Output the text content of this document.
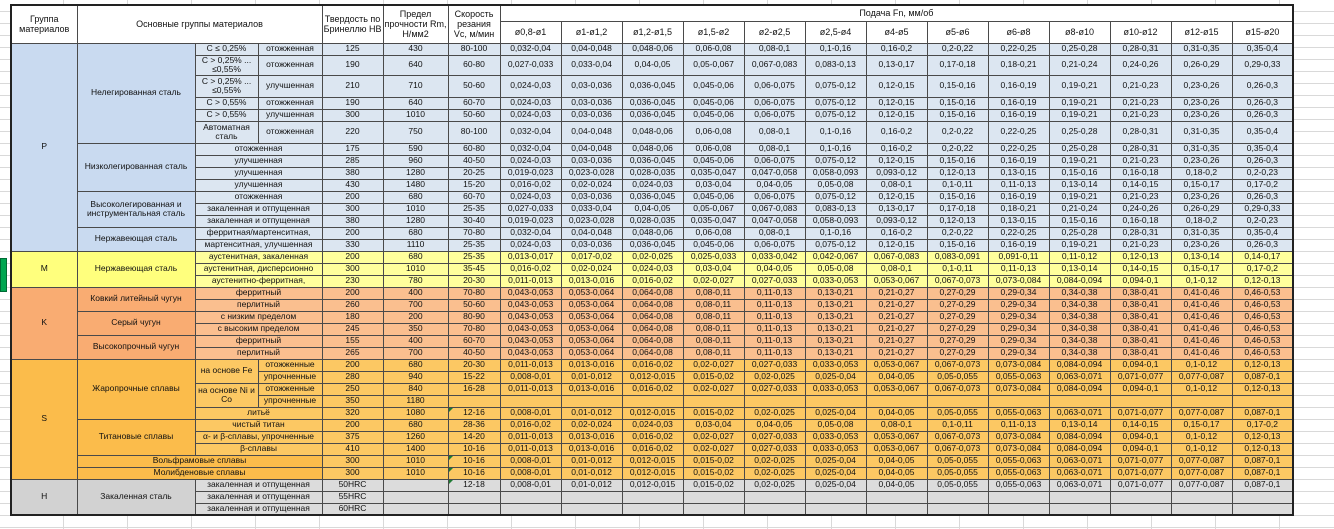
Группа материалов	Основные группы материалов			Твердость по Бринеллю HB	Предел прочности Rm, Н/мм2	Скорость резания Vc, м/мин	Подача Fn, мм/об												
							ø0,8-ø1	ø1-ø1,2	ø1,2-ø1,5	ø1,5-ø2	ø2-ø2,5	ø2,5-ø4	ø4-ø5	ø5-ø6	ø6-ø8	ø8-ø10	ø10-ø12	ø12-ø15	ø15-ø20
P	Нелегированная сталь	C ≤ 0,25%	отожженная	125	430	80-100	0,032-0,04	0,04-0,048	0,048-0,06	0,06-0,08	0,08-0,1	0,1-0,16	0,16-0,2	0,2-0,22	0,22-0,25	0,25-0,28	0,28-0,31	0,31-0,35	0,35-0,4
		C > 0,25% ... ≤0,55%	отожженная	190	640	60-80	0,027-0,033	0,033-0,04	0,04-0,05	0,05-0,067	0,067-0,083	0,083-0,13	0,13-0,17	0,17-0,18	0,18-0,21	0,21-0,24	0,24-0,26	0,26-0,29	0,29-0,33
		C > 0,25% ... ≤0,55%	улучшенная	210	710	50-60	0,024-0,03	0,03-0,036	0,036-0,045	0,045-0,06	0,06-0,075	0,075-0,12	0,12-0,15	0,15-0,16	0,16-0,19	0,19-0,21	0,21-0,23	0,23-0,26	0,26-0,3
		C > 0,55%	отожженная	190	640	60-70	0,024-0,03	0,03-0,036	0,036-0,045	0,045-0,06	0,06-0,075	0,075-0,12	0,12-0,15	0,15-0,16	0,16-0,19	0,19-0,21	0,21-0,23	0,23-0,26	0,26-0,3
		C > 0,55%	улучшенная	300	1010	50-60	0,024-0,03	0,03-0,036	0,036-0,045	0,045-0,06	0,06-0,075	0,075-0,12	0,12-0,15	0,15-0,16	0,16-0,19	0,19-0,21	0,21-0,23	0,23-0,26	0,26-0,3
		Автоматная сталь	отожженная	220	750	80-100	0,032-0,04	0,04-0,048	0,048-0,06	0,06-0,08	0,08-0,1	0,1-0,16	0,16-0,2	0,2-0,22	0,22-0,25	0,25-0,28	0,28-0,31	0,31-0,35	0,35-0,4
	Низколегированная сталь	отожженная		175	590	60-80	0,032-0,04	0,04-0,048	0,048-0,06	0,06-0,08	0,08-0,1	0,1-0,16	0,16-0,2	0,2-0,22	0,22-0,25	0,25-0,28	0,28-0,31	0,31-0,35	0,35-0,4
		улучшенная		285	960	40-50	0,024-0,03	0,03-0,036	0,036-0,045	0,045-0,06	0,06-0,075	0,075-0,12	0,12-0,15	0,15-0,16	0,16-0,19	0,19-0,21	0,21-0,23	0,23-0,26	0,26-0,3
		улучшенная		380	1280	20-25	0,019-0,023	0,023-0,028	0,028-0,035	0,035-0,047	0,047-0,058	0,058-0,093	0,093-0,12	0,12-0,13	0,13-0,15	0,15-0,16	0,16-0,18	0,18-0,2	0,2-0,23
		улучшенная		430	1480	15-20	0,016-0,02	0,02-0,024	0,024-0,03	0,03-0,04	0,04-0,05	0,05-0,08	0,08-0,1	0,1-0,11	0,11-0,13	0,13-0,14	0,14-0,15	0,15-0,17	0,17-0,2
	Высоколегированная и инструментальная сталь	отожженная		200	680	60-70	0,024-0,03	0,03-0,036	0,036-0,045	0,045-0,06	0,06-0,075	0,075-0,12	0,12-0,15	0,15-0,16	0,16-0,19	0,19-0,21	0,21-0,23	0,23-0,26	0,26-0,3
		закаленная и отпущенная		300	1010	25-35	0,027-0,033	0,033-0,04	0,04-0,05	0,05-0,067	0,067-0,083	0,083-0,13	0,13-0,17	0,17-0,18	0,18-0,21	0,21-0,24	0,24-0,26	0,26-0,29	0,29-0,33
		закаленная и отпущенная		380	1280	30-40	0,019-0,023	0,023-0,028	0,028-0,035	0,035-0,047	0,047-0,058	0,058-0,093	0,093-0,12	0,12-0,13	0,13-0,15	0,15-0,16	0,16-0,18	0,18-0,2	0,2-0,23
	Нержавеющая сталь	ферритная/мартенситная,		200	680	70-80	0,032-0,04	0,04-0,048	0,048-0,06	0,06-0,08	0,08-0,1	0,1-0,16	0,16-0,2	0,2-0,22	0,22-0,25	0,25-0,28	0,28-0,31	0,31-0,35	0,35-0,4
		мартенситная, улучшенная		330	1110	25-35	0,024-0,03	0,03-0,036	0,036-0,045	0,045-0,06	0,06-0,075	0,075-0,12	0,12-0,15	0,15-0,16	0,16-0,19	0,19-0,21	0,21-0,23	0,23-0,26	0,26-0,3
M	Нержавеющая сталь	аустенитная, закаленная		200	680	25-35	0,013-0,017	0,017-0,02	0,02-0,025	0,025-0,033	0,033-0,042	0,042-0,067	0,067-0,083	0,083-0,091	0,091-0,11	0,11-0,12	0,12-0,13	0,13-0,14	0,14-0,17
		аустенитная, дисперсионно		300	1010	35-45	0,016-0,02	0,02-0,024	0,024-0,03	0,03-0,04	0,04-0,05	0,05-0,08	0,08-0,1	0,1-0,11	0,11-0,13	0,13-0,14	0,14-0,15	0,15-0,17	0,17-0,2
		аустенитно-ферритная,		230	780	20-30	0,011-0,013	0,013-0,016	0,016-0,02	0,02-0,027	0,027-0,033	0,033-0,053	0,053-0,067	0,067-0,073	0,073-0,084	0,084-0,094	0,094-0,1	0,1-0,12	0,12-0,13
K	Ковкий литейный чугун	ферритный		200	400	70-80	0,043-0,053	0,053-0,064	0,064-0,08	0,08-0,11	0,11-0,13	0,13-0,21	0,21-0,27	0,27-0,29	0,29-0,34	0,34-0,38	0,38-0,41	0,41-0,46	0,46-0,53
		перлитный		260	700	50-60	0,043-0,053	0,053-0,064	0,064-0,08	0,08-0,11	0,11-0,13	0,13-0,21	0,21-0,27	0,27-0,29	0,29-0,34	0,34-0,38	0,38-0,41	0,41-0,46	0,46-0,53
	Серый чугун	с низким пределом		180	200	80-90	0,043-0,053	0,053-0,064	0,064-0,08	0,08-0,11	0,11-0,13	0,13-0,21	0,21-0,27	0,27-0,29	0,29-0,34	0,34-0,38	0,38-0,41	0,41-0,46	0,46-0,53
		с высоким пределом		245	350	70-80	0,043-0,053	0,053-0,064	0,064-0,08	0,08-0,11	0,11-0,13	0,13-0,21	0,21-0,27	0,27-0,29	0,29-0,34	0,34-0,38	0,38-0,41	0,41-0,46	0,46-0,53
	Высокопрочный чугун	ферритный		155	400	60-70	0,043-0,053	0,053-0,064	0,064-0,08	0,08-0,11	0,11-0,13	0,13-0,21	0,21-0,27	0,27-0,29	0,29-0,34	0,34-0,38	0,38-0,41	0,41-0,46	0,46-0,53
		перлитный		265	700	40-50	0,043-0,053	0,053-0,064	0,064-0,08	0,08-0,11	0,11-0,13	0,13-0,21	0,21-0,27	0,27-0,29	0,29-0,34	0,34-0,38	0,38-0,41	0,41-0,46	0,46-0,53
S	Жаропрочные сплавы	на основе Fe	отожженные	200	680	20-30	0,011-0,013	0,013-0,016	0,016-0,02	0,02-0,027	0,027-0,033	0,033-0,053	0,053-0,067	0,067-0,073	0,073-0,084	0,084-0,094	0,094-0,1	0,1-0,12	0,12-0,13
			упрочненные	280	940	15-22	0,008-0,01	0,01-0,012	0,012-0,015	0,015-0,02	0,02-0,025	0,025-0,04	0,04-0,05	0,05-0,055	0,055-0,063	0,063-0,071	0,071-0,077	0,077-0,087	0,087-0,1
		на основе Ni и Со	отожженные	250	840	16-28	0,011-0,013	0,013-0,016	0,016-0,02	0,02-0,027	0,027-0,033	0,033-0,053	0,053-0,067	0,067-0,073	0,073-0,084	0,084-0,094	0,094-0,1	0,1-0,12	0,12-0,13
			упрочненные	350	1180														
		литьё		320	1080	12-16	0,008-0,01	0,01-0,012	0,012-0,015	0,015-0,02	0,02-0,025	0,025-0,04	0,04-0,05	0,05-0,055	0,055-0,063	0,063-0,071	0,071-0,077	0,077-0,087	0,087-0,1
	Титановые сплавы	чистый титан		200	680	28-36	0,016-0,02	0,02-0,024	0,024-0,03	0,03-0,04	0,04-0,05	0,05-0,08	0,08-0,1	0,1-0,11	0,11-0,13	0,13-0,14	0,14-0,15	0,15-0,17	0,17-0,2
		α- и β-сплавы, упрочненные		375	1260	14-20	0,011-0,013	0,013-0,016	0,016-0,02	0,02-0,027	0,027-0,033	0,033-0,053	0,053-0,067	0,067-0,073	0,073-0,084	0,084-0,094	0,094-0,1	0,1-0,12	0,12-0,13
		β-сплавы		410	1400	10-16	0,011-0,013	0,013-0,016	0,016-0,02	0,02-0,027	0,027-0,033	0,033-0,053	0,053-0,067	0,067-0,073	0,073-0,084	0,084-0,094	0,094-0,1	0,1-0,12	0,12-0,13
	Вольфрамовые сплавы			300	1010	10-16	0,008-0,01	0,01-0,012	0,012-0,015	0,015-0,02	0,02-0,025	0,025-0,04	0,04-0,05	0,05-0,055	0,055-0,063	0,063-0,071	0,071-0,077	0,077-0,087	0,087-0,1
	Молибденовые сплавы			300	1010	10-16	0,008-0,01	0,01-0,012	0,012-0,015	0,015-0,02	0,02-0,025	0,025-0,04	0,04-0,05	0,05-0,055	0,055-0,063	0,063-0,071	0,071-0,077	0,077-0,087	0,087-0,1
H	Закаленная сталь	закаленная и отпущенная		50HRC		12-18	0,008-0,01	0,01-0,012	0,012-0,015	0,015-0,02	0,02-0,025	0,025-0,04	0,04-0,05	0,05-0,055	0,055-0,063	0,063-0,071	0,071-0,077	0,077-0,087	0,087-0,1
		закаленная и отпущенная		55HRC															
		закаленная и отпущенная		60HRC															
